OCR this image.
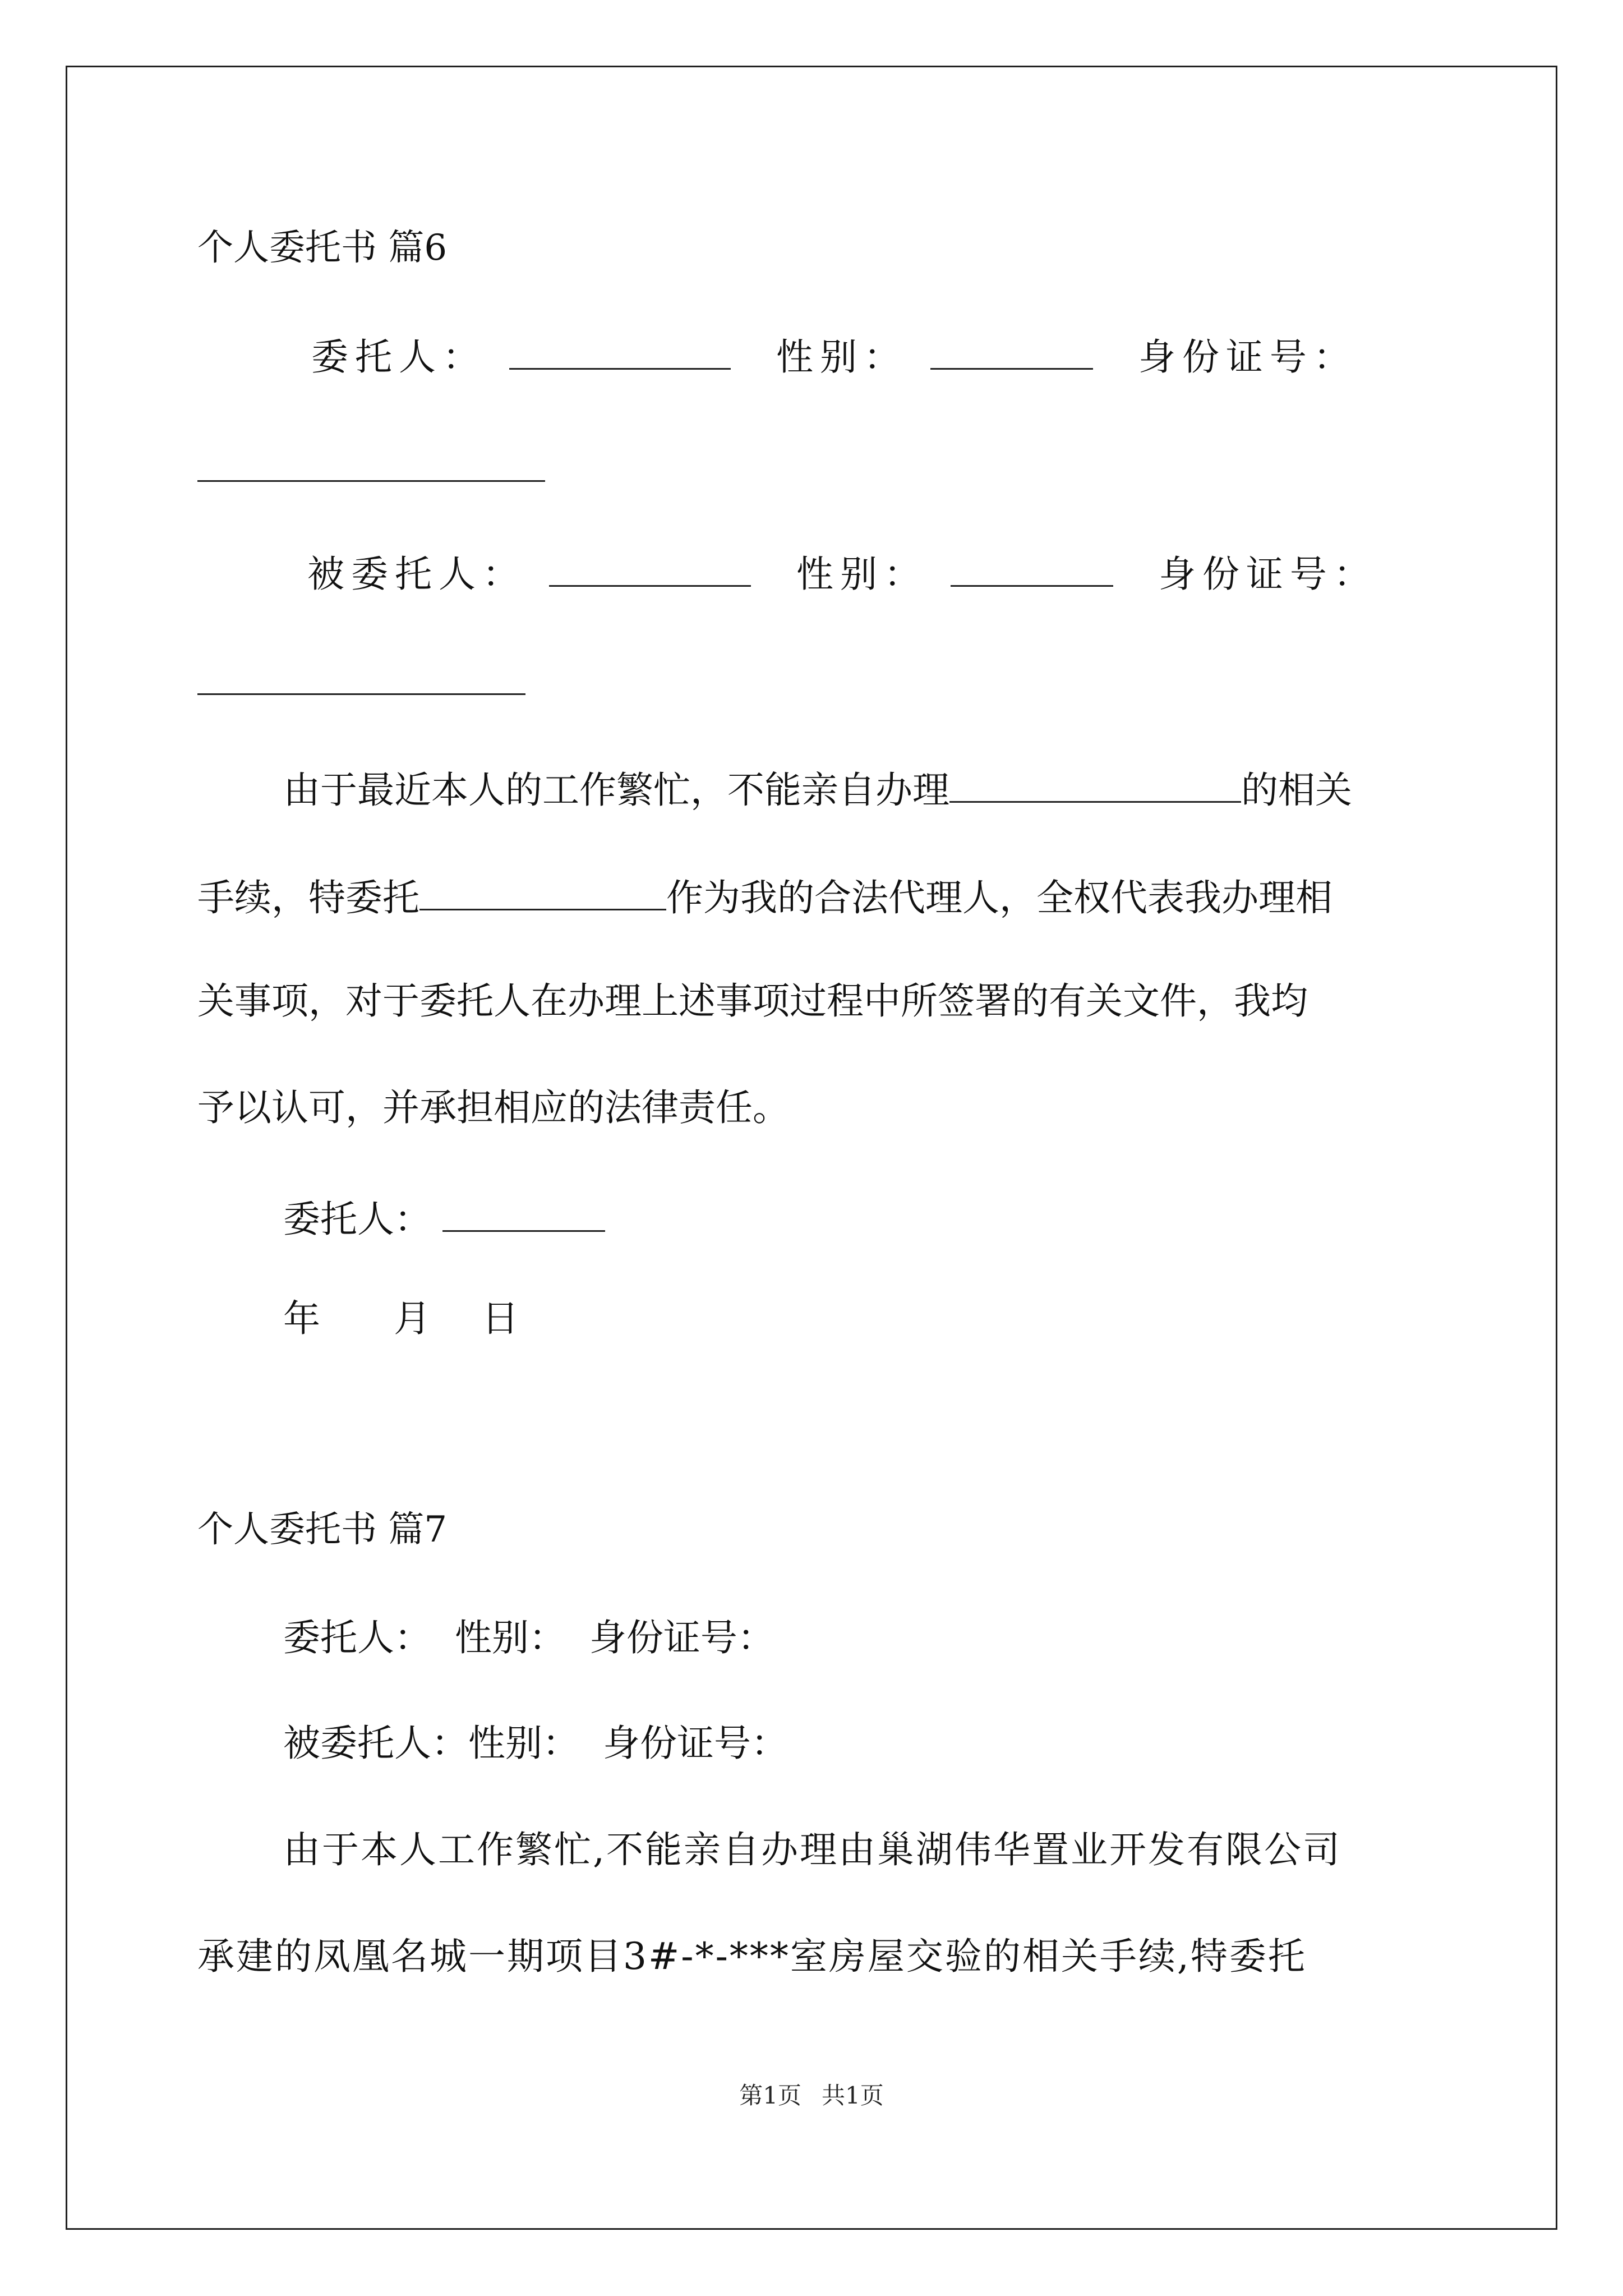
个人委托书 篇6
委托人：	性别：	身份证号：
被委托人：	性别：	身份证号：
由于最近本人的工作繁忙，不能亲自办理	的相关
手续，特委托	作为我的合法代理人，全权代表我办理相
关事项，对于委托人在办理上述事项过程中所签署的有关文件，我均
予以认可，并承担相应的法律责任。
委托人：
年 月 日
个人委托书 篇7
委托人：  性别：  身份证号：
被委托人：性别：  身份证号：
由于本人工作繁忙,不能亲自办理由巢湖伟华置业开发有限公司
承建的凤凰名城一期项目3#-*-***室房屋交验的相关手续,特委托
第1页 共1页
